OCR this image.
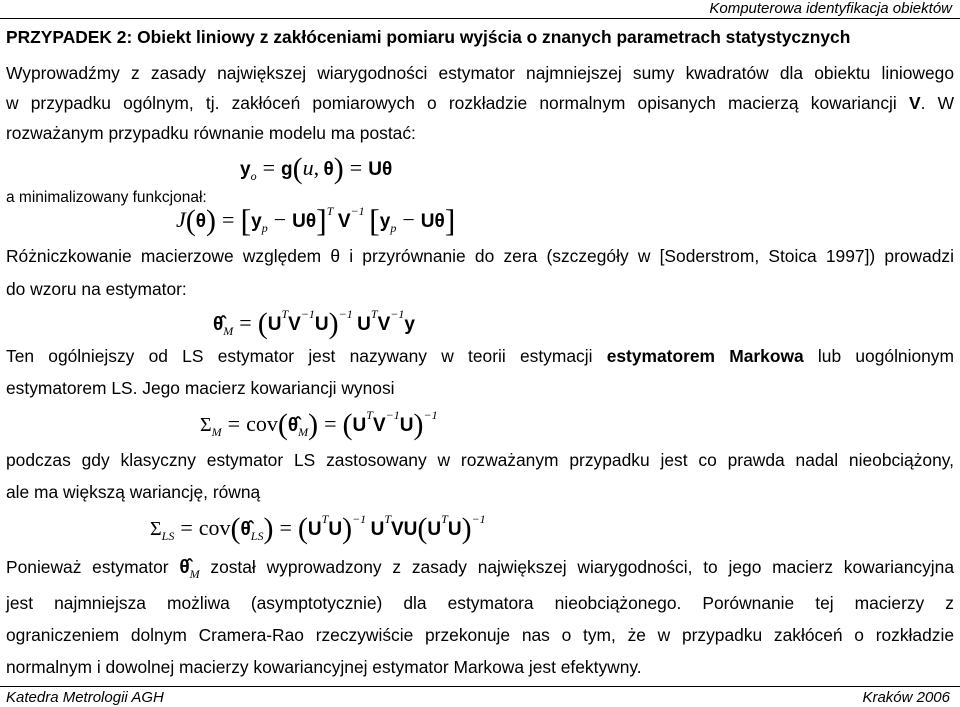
Komputerowa identyfikacja obiektów
PRZYPADEK 2: Obiekt liniowy z zakłóceniami pomiaru wyjścia o znanych parametrach statystycznych
Wyprowadźmy z zasady największej wiarygodności estymator najmniejszej sumy kwadratów dla obiektu liniowego
w przypadku ogólnym, tj. zakłóceń pomiarowych o rozkładzie normalnym opisanych macierzą kowariancji V. W
rozważanym przypadku równanie modelu ma postać:
$y_o = g(u$, θ) = Uθ
a minimalizowany funkcjonał:
$J(\theta) = [y_p - U\theta]^T$  $V^{-1}$  $[y_p - U\theta]$
Różniczkowanie macierzowe względem θ i przyrównanie do zera (szczegóły w [Soderstrom, Stoica 1997]) prowadzi
do wzoru na estymator:
$\thetâ_M = (U^TV^{-1}U)^{-1}$  $U^TV^{-1}y$
Ten ogólniejszy od LS estymator jest nazywany w teorii estymacji estymatorem Markowa lub uogólnionym
estymatorem LS. Jego macierz kowariancji wynosi
$\Sigma_M$ = $cov(\thetâ_M) = (U^TV^{-1}U)^{-1}$
podczas gdy klasyczny estymator LS zastosowany w rozważanym przypadku jest co prawda nadal nieobciążony,
ale ma większą wariancję, równą
$\Sigma_{LS}$ = $cov(\thetâ_{LS}) = (U^TU)^{-1}$  $U^TVU(U^TU)^{-1}$
Ponieważ estymator $\thetâ_M$ został wyprowadzony z zasady największej wiarygodności, to jego macierz kowariancyjna
jest najmniejsza możliwa (asymptotycznie) dla estymatora nieobciążonego. Porównanie tej macierzy z
ograniczeniem dolnym Cramera-Rao rzeczywiście przekonuje nas o tym, że w przypadku zakłóceń o rozkładzie
normalnym i dowolnej macierzy kowariancyjnej estymator Markowa jest efektywny.
Katedra Metrologii AGH	Kraków 2006
